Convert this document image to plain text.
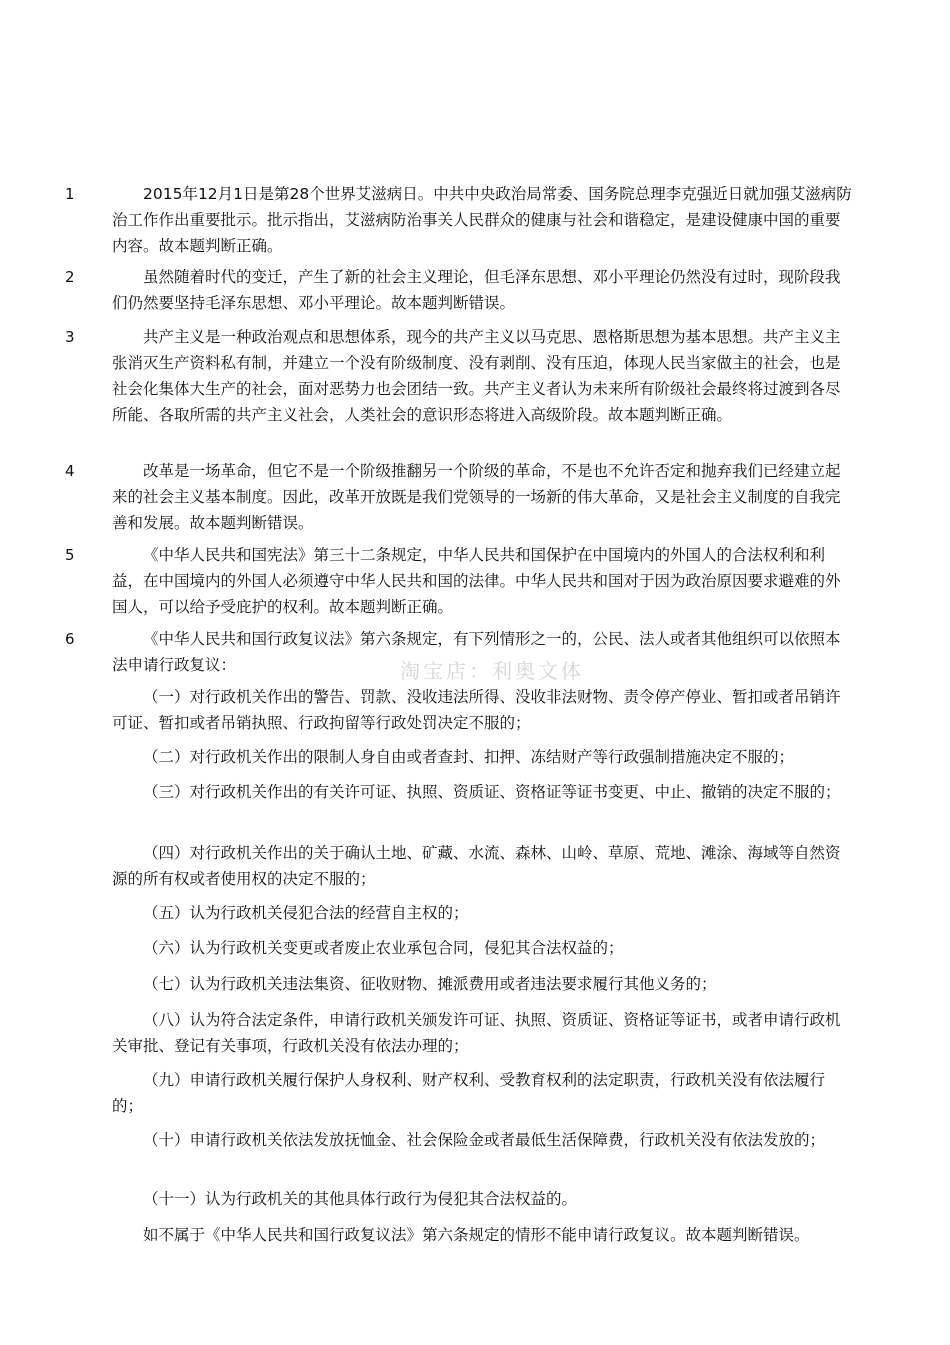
1	2015年12月1日是第28个世界艾滋病日。中共中央政治局常委、国务院总理李克强近日就加强艾滋病防治工作作出重要批示。批示指出，艾滋病防治事关人民群众的健康与社会和谐稳定，是建设健康中国的重要内容。故本题判断正确。

2	虽然随着时代的变迁，产生了新的社会主义理论，但毛泽东思想、邓小平理论仍然没有过时，现阶段我们仍然要坚持毛泽东思想、邓小平理论。故本题判断错误。

3	共产主义是一种政治观点和思想体系，现今的共产主义以马克思、恩格斯思想为基本思想。共产主义主张消灭生产资料私有制，并建立一个没有阶级制度、没有剥削、没有压迫，体现人民当家做主的社会，也是社会化集体大生产的社会，面对恶势力也会团结一致。共产主义者认为未来所有阶级社会最终将过渡到各尽所能、各取所需的共产主义社会，人类社会的意识形态将进入高级阶段。故本题判断正确。

4	改革是一场革命，但它不是一个阶级推翻另一个阶级的革命，不是也不允许否定和抛弃我们已经建立起来的社会主义基本制度。因此，改革开放既是我们党领导的一场新的伟大革命，又是社会主义制度的自我完善和发展。故本题判断错误。

5	《中华人民共和国宪法》第三十二条规定，中华人民共和国保护在中国境内的外国人的合法权利和利益，在中国境内的外国人必须遵守中华人民共和国的法律。中华人民共和国对于因为政治原因要求避难的外国人，可以给予受庇护的权利。故本题判断正确。

6	《中华人民共和国行政复议法》第六条规定，有下列情形之一的，公民、法人或者其他组织可以依照本法申请行政复议：

（一）对行政机关作出的警告、罚款、没收违法所得、没收非法财物、责令停产停业、暂扣或者吊销许可证、暂扣或者吊销执照、行政拘留等行政处罚决定不服的；

（二）对行政机关作出的限制人身自由或者查封、扣押、冻结财产等行政强制措施决定不服的；

（三）对行政机关作出的有关许可证、执照、资质证、资格证等证书变更、中止、撤销的决定不服的；

（四）对行政机关作出的关于确认土地、矿藏、水流、森林、山岭、草原、荒地、滩涂、海域等自然资源的所有权或者使用权的决定不服的；

（五）认为行政机关侵犯合法的经营自主权的；

（六）认为行政机关变更或者废止农业承包合同，侵犯其合法权益的；

（七）认为行政机关违法集资、征收财物、摊派费用或者违法要求履行其他义务的；

（八）认为符合法定条件，申请行政机关颁发许可证、执照、资质证、资格证等证书，或者申请行政机关审批、登记有关事项，行政机关没有依法办理的；

（九）申请行政机关履行保护人身权利、财产权利、受教育权利的法定职责，行政机关没有依法履行的；

（十）申请行政机关依法发放抚恤金、社会保险金或者最低生活保障费，行政机关没有依法发放的；

（十一）认为行政机关的其他具体行政行为侵犯其合法权益的。

如不属于《中华人民共和国行政复议法》第六条规定的情形不能申请行政复议。故本题判断错误。

淘宝店：利奥文体
